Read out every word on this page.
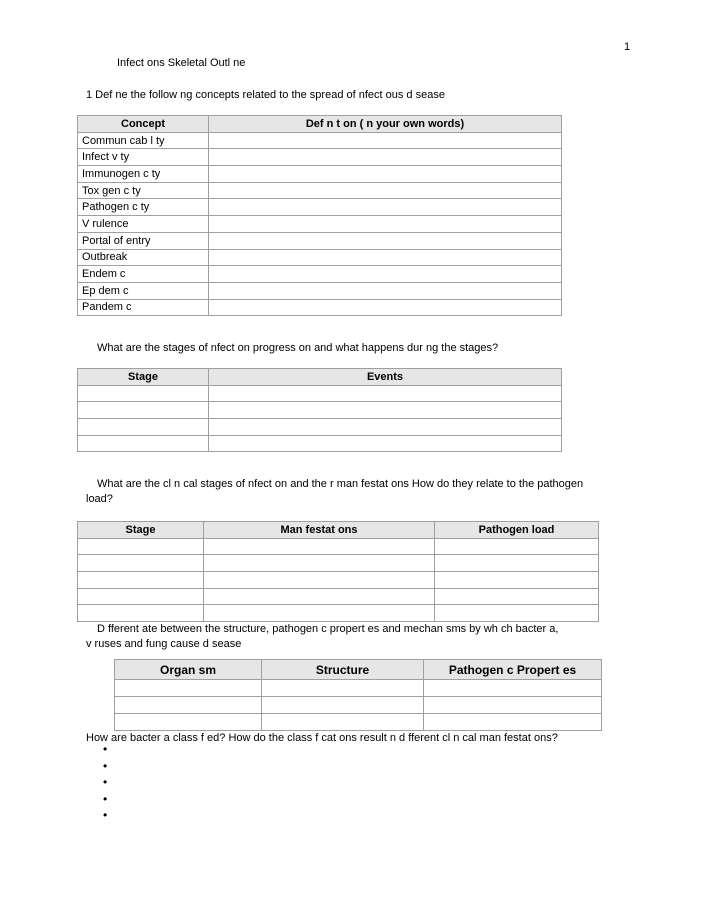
1
Infect ons Skeletal Outl ne
1 Def ne the follow ng concepts related to the spread of nfect ous d sease
Concept	Def n t on ( n your own words)
Commun cab l ty	
Infect v ty	
Immunogen c ty	
Tox gen c ty	
Pathogen c ty	
V rulence	
Portal of entry	
Outbreak	
Endem c	
Ep dem c	
Pandem c	
What are the stages of nfect on progress on and what happens dur ng the stages?
Stage	Events

What are the cl n cal stages of nfect on and the r man festat ons How do they relate to the pathogen
load?
Stage	Man festat ons	Pathogen load

D fferent ate between the structure, pathogen c propert es and mechan sms by wh ch bacter a,
v ruses and fung cause d sease
Organ sm	Structure	Pathogen c Propert es

How are bacter a class f ed? How do the class f cat ons result n d fferent cl n cal man festat ons?
•
•
•
•
•
